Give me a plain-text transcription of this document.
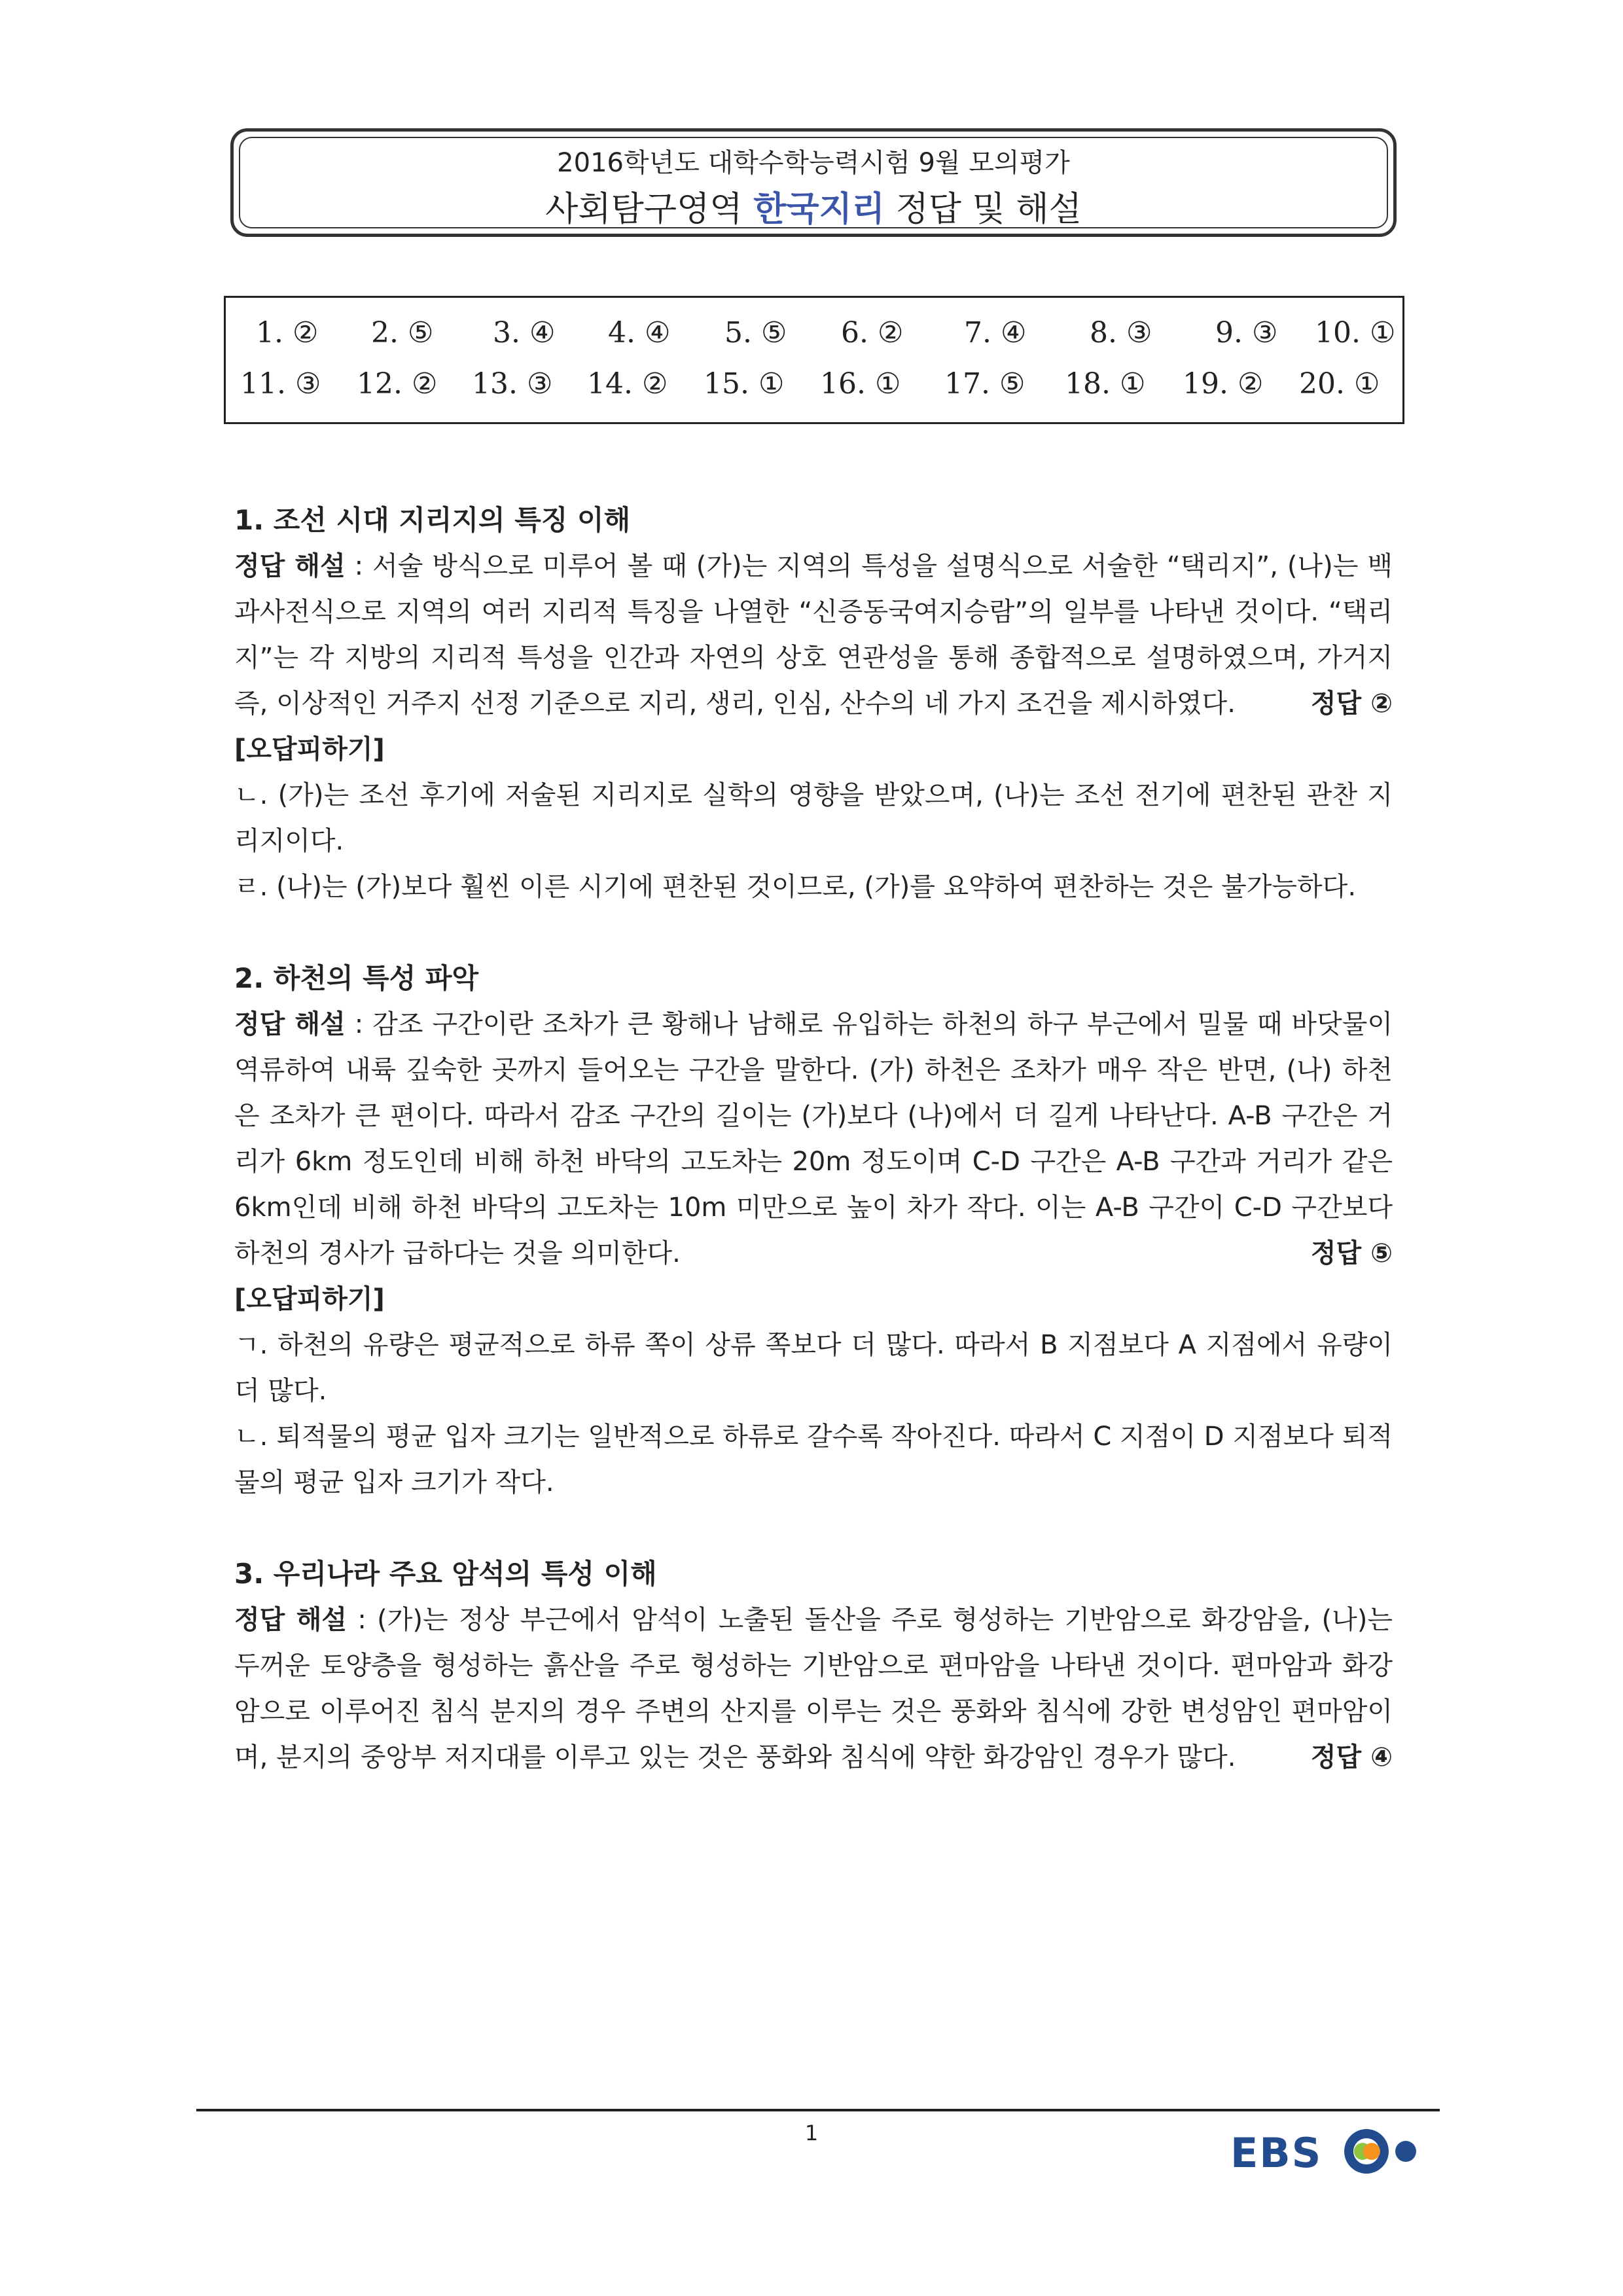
2016학년도 대학수학능력시험 9월 모의평가
사회탐구영역 한국지리 정답 및 해설
1. ② 2. ⑤ 3. ④ 4. ④ 5. ⑤ 6. ② 7. ④ 8. ③ 9. ③ 10. ①
11. ③ 12. ② 13. ③ 14. ② 15. ① 16. ① 17. ⑤ 18. ① 19. ② 20. ①

1. 조선 시대 지리지의 특징 이해

정답 해설 : 서술 방식으로 미루어 볼 때 (가)는 지역의 특성을 설명식으로 서술한 “택리지”, (나)는 백과사전식으로 지역의 여러 지리적 특징을 나열한 “신증동국여지승람”의 일부를 나타낸 것이다. “택리지”는 각 지방의 지리적 특성을 인간과 자연의 상호 연관성을 통해 종합적으로 설명하였으며, 가거지 즉, 이상적인 거주지 선정 기준으로 지리, 생리, 인심, 산수의 네 가지 조건을 제시하였다.	정답 ②

[오답피하기]

ㄴ. (가)는 조선 후기에 저술된 지리지로 실학의 영향을 받았으며, (나)는 조선 전기에 편찬된 관찬 지리지이다.

ㄹ. (나)는 (가)보다 훨씬 이른 시기에 편찬된 것이므로, (가)를 요약하여 편찬하는 것은 불가능하다.

2. 하천의 특성 파악

정답 해설 : 감조 구간이란 조차가 큰 황해나 남해로 유입하는 하천의 하구 부근에서 밀물 때 바닷물이 역류하여 내륙 깊숙한 곳까지 들어오는 구간을 말한다. (가) 하천은 조차가 매우 작은 반면, (나) 하천은 조차가 큰 편이다. 따라서 감조 구간의 길이는 (가)보다 (나)에서 더 길게 나타난다. A-B 구간은 거리가 6km 정도인데 비해 하천 바닥의 고도차는 20m 정도이며 C-D 구간은 A-B 구간과 거리가 같은 6km인데 비해 하천 바닥의 고도차는 10m 미만으로 높이 차가 작다. 이는 A-B 구간이 C-D 구간보다 하천의 경사가 급하다는 것을 의미한다.	정답 ⑤

[오답피하기]

ㄱ. 하천의 유량은 평균적으로 하류 쪽이 상류 쪽보다 더 많다. 따라서 B 지점보다 A 지점에서 유량이 더 많다.

ㄴ. 퇴적물의 평균 입자 크기는 일반적으로 하류로 갈수록 작아진다. 따라서 C 지점이 D 지점보다 퇴적물의 평균 입자 크기가 작다.

3. 우리나라 주요 암석의 특성 이해

정답 해설 : (가)는 정상 부근에서 암석이 노출된 돌산을 주로 형성하는 기반암으로 화강암을, (나)는 두꺼운 토양층을 형성하는 흙산을 주로 형성하는 기반암으로 편마암을 나타낸 것이다. 편마암과 화강암으로 이루어진 침식 분지의 경우 주변의 산지를 이루는 것은 풍화와 침식에 강한 변성암인 편마암이며, 분지의 중앙부 저지대를 이루고 있는 것은 풍화와 침식에 약한 화강암인 경우가 많다.	정답 ④

1	EBS
